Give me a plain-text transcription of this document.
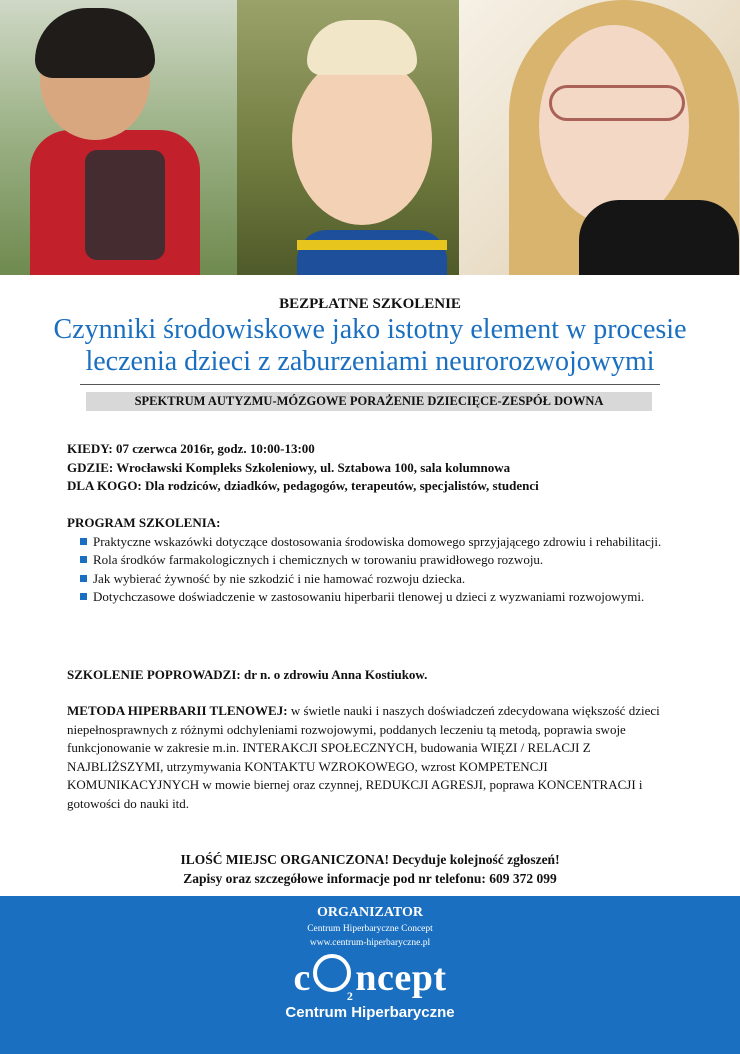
BEZPŁATNE SZKOLENIE
Czynniki środowiskowe jako istotny element w procesie
leczenia dzieci z zaburzeniami neurorozwojowymi
SPEKTRUM AUTYZMU-MÓZGOWE PORAŻENIE DZIECIĘCE-ZESPÓŁ DOWNA
KIEDY: 07 czerwca 2016r, godz. 10:00-13:00
GDZIE: Wrocławski Kompleks Szkoleniowy, ul. Sztabowa 100, sala kolumnowa
DLA KOGO: Dla rodziców, dziadków, pedagogów, terapeutów, specjalistów, studenci
PROGRAM SZKOLENIA:
Praktyczne wskazówki dotyczące dostosowania środowiska domowego sprzyjającego zdrowiu i rehabilitacji.
Rola środków farmakologicznych i chemicznych w torowaniu prawidłowego rozwoju.
Jak wybierać żywność by nie szkodzić i nie hamować rozwoju dziecka.
Dotychczasowe doświadczenie w zastosowaniu hiperbarii tlenowej u dzieci z wyzwaniami rozwojowymi.
SZKOLENIE POPROWADZI: dr n. o zdrowiu Anna Kostiukow.
METODA HIPERBARII TLENOWEJ: w świetle nauki i naszych doświadczeń zdecydowana większość dzieci niepełnosprawnych z różnymi odchyleniami rozwojowymi, poddanych leczeniu tą metodą, poprawia swoje funkcjonowanie w zakresie m.in. INTERAKCJI SPOŁECZNYCH, budowania WIĘZI / RELACJI Z NAJBLIŻSZYMI, utrzymywania KONTAKTU WZROKOWEGO, wzrost KOMPETENCJI KOMUNIKACYJNYCH w mowie biernej oraz czynnej, REDUKCJI AGRESJI, poprawa KONCENTRACJI i gotowości do nauki itd.
ILOŚĆ MIEJSC ORGANICZONA! Decyduje kolejność zgłoszeń!
Zapisy oraz szczegółowe informacje pod nr telefonu: 609 372 099
ORGANIZATOR
Centrum Hiperbaryczne Concept
www.centrum-hiperbaryczne.pl
c	$_2$ncept
Centrum Hiperbaryczne
